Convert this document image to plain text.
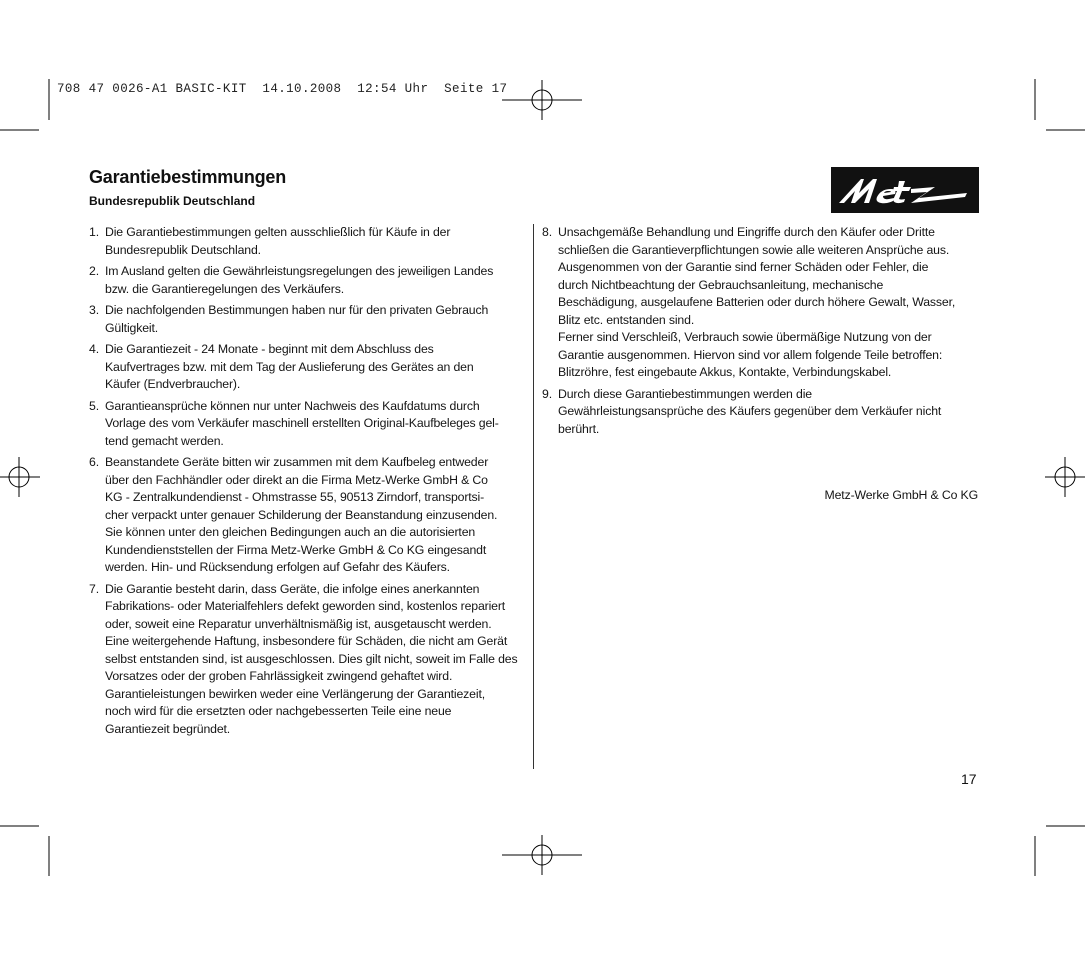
708 47 0026-A1 BASIC-KIT  14.10.2008  12:54 Uhr  Seite 17
Garantiebestimmungen
Bundesrepublik Deutschland
1. Die Garantiebestimmungen gelten ausschließlich für Käufe in der
Bundesrepublik Deutschland.
2. Im Ausland gelten die Gewährleistungsregelungen des jeweiligen Landes
bzw. die Garantieregelungen des Verkäufers.
3. Die nachfolgenden Bestimmungen haben nur für den privaten Gebrauch
Gültigkeit.
4. Die Garantiezeit - 24 Monate - beginnt mit dem Abschluss des
Kaufvertrages bzw. mit dem Tag der Auslieferung des Gerätes an den
Käufer (Endverbraucher).
5. Garantieansprüche können nur unter Nachweis des Kaufdatums durch
Vorlage des vom Verkäufer maschinell erstellten Original-Kaufbeleges gel-
tend gemacht werden.
6. Beanstandete Geräte bitten wir zusammen mit dem Kaufbeleg entweder
über den Fachhändler oder direkt an die Firma Metz-Werke GmbH & Co
KG - Zentralkundendienst - Ohmstrasse 55, 90513 Zirndorf, transportsi-
cher verpackt unter genauer Schilderung der Beanstandung einzusenden.
Sie können unter den gleichen Bedingungen auch an die autorisierten
Kundendienststellen der Firma Metz-Werke GmbH & Co KG eingesandt
werden. Hin- und Rücksendung erfolgen auf Gefahr des Käufers.
7. Die Garantie besteht darin, dass Geräte, die infolge eines anerkannten
Fabrikations- oder Materialfehlers defekt geworden sind, kostenlos repariert
oder, soweit eine Reparatur unverhältnismäßig ist, ausgetauscht werden.
Eine weitergehende Haftung, insbesondere für Schäden, die nicht am Gerät
selbst entstanden sind, ist ausgeschlossen. Dies gilt nicht, soweit im Falle des
Vorsatzes oder der groben Fahrlässigkeit zwingend gehaftet wird.
Garantieleistungen bewirken weder eine Verlängerung der Garantiezeit,
noch wird für die ersetzten oder nachgebesserten Teile eine neue
Garantiezeit begründet.
8. Unsachgemäße Behandlung und Eingriffe durch den Käufer oder Dritte
schließen die Garantieverpflichtungen sowie alle weiteren Ansprüche aus.
Ausgenommen von der Garantie sind ferner Schäden oder Fehler, die
durch Nichtbeachtung der Gebrauchsanleitung, mechanische
Beschädigung, ausgelaufene Batterien oder durch höhere Gewalt, Wasser,
Blitz etc. entstanden sind.
Ferner sind Verschleiß, Verbrauch sowie übermäßige Nutzung von der
Garantie ausgenommen. Hiervon sind vor allem folgende Teile betroffen:
Blitzröhre, fest eingebaute Akkus, Kontakte, Verbindungskabel.
9. Durch diese Garantiebestimmungen werden die
Gewährleistungsansprüche des Käufers gegenüber dem Verkäufer nicht
berührt.
Metz-Werke GmbH & Co KG
17
